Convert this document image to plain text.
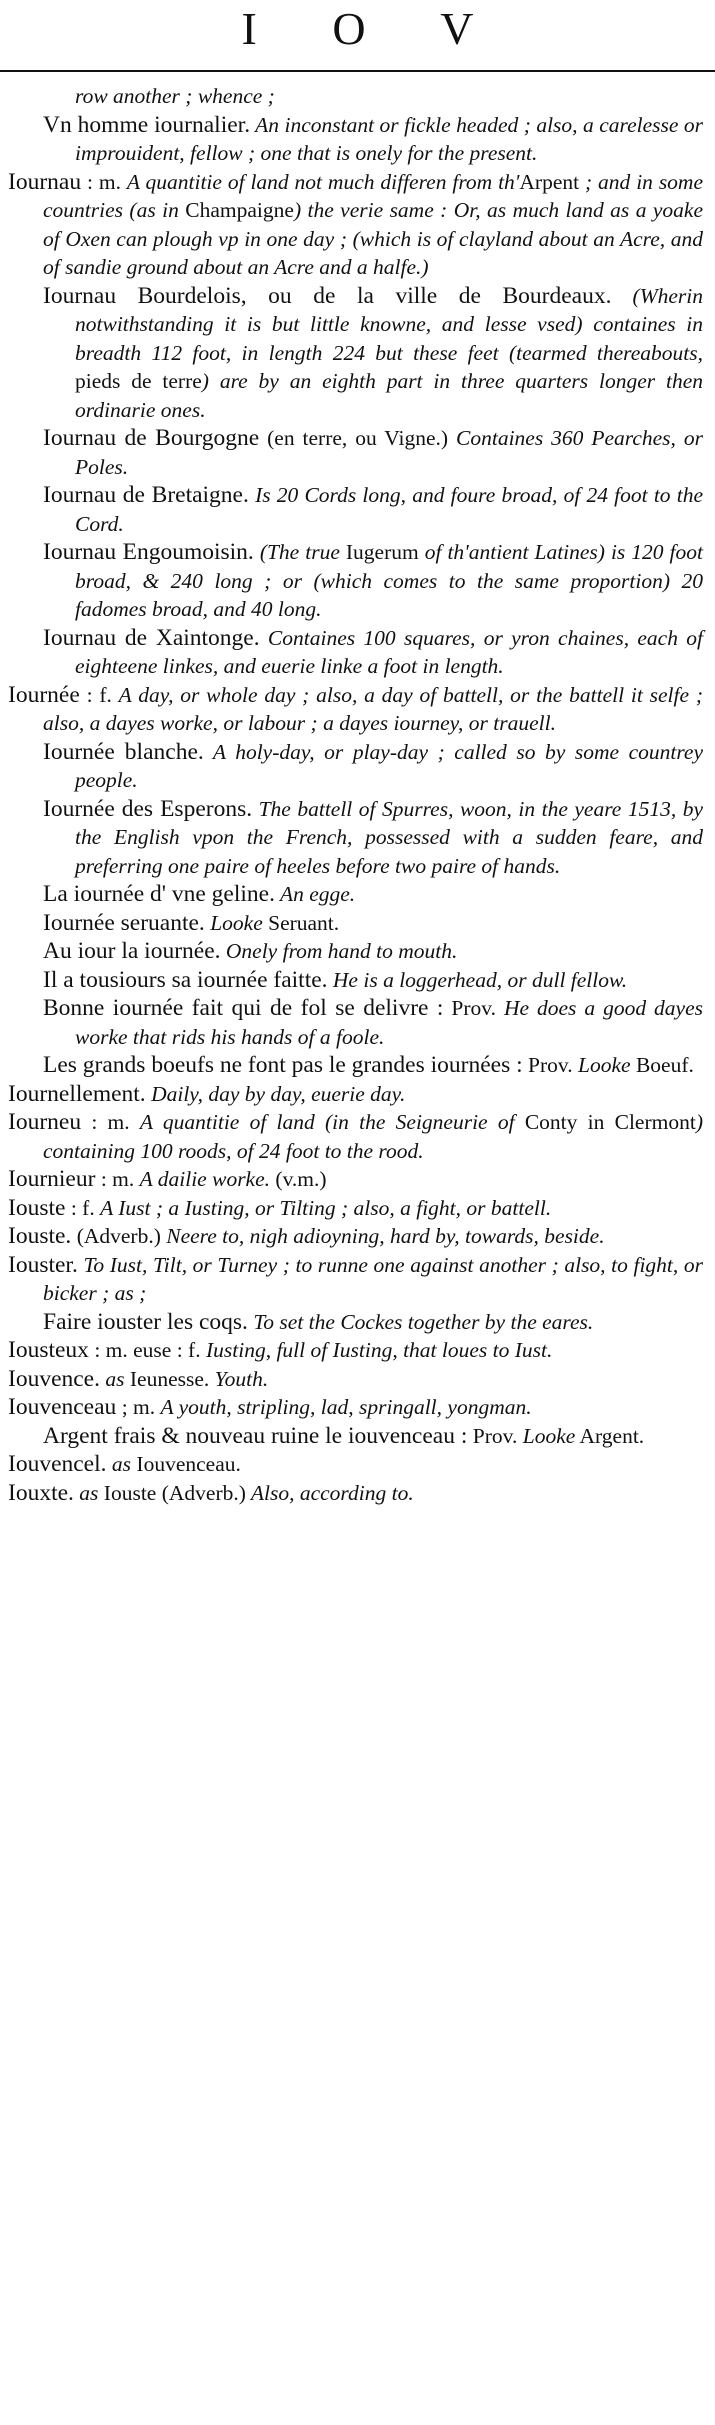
I O V

row another ; whence ;

Vn homme iournalier. An inconstant or fickle headed ; also, a carelesse or improuident, fellow ; one that is onely for the present.

Iournau : m. A quantitie of land not much differen from th'Arpent ; and in some countries (as in Champaigne) the verie same : Or, as much land as a yoake of Oxen can plough vp in one day ; (which is of clayland about an Acre, and of sandie ground about an Acre and a halfe.)

Iournau Bourdelois, ou de la ville de Bourdeaux. (Wherin notwithstanding it is but little knowne, and lesse vsed) containes in breadth 112 foot, in length 224 but these feet (tearmed thereabouts, pieds de terre) are by an eighth part in three quarters longer then ordinarie ones.

Iournau de Bourgogne (en terre, ou Vigne.) Containes 360 Pearches, or Poles.

Iournau de Bretaigne. Is 20 Cords long, and foure broad, of 24 foot to the Cord.

Iournau Engoumoisin. (The true Iugerum of th'antient Latines) is 120 foot broad, & 240 long ; or (which comes to the same proportion) 20 fadomes broad, and 40 long.

Iournau de Xaintonge. Containes 100 squares, or yron chaines, each of eighteene linkes, and euerie linke a foot in length.

Iournée : f. A day, or whole day ; also, a day of battell, or the battell it selfe ; also, a dayes worke, or labour ; a dayes iourney, or trauell.

Iournée blanche. A holy-day, or play-day ; called so by some countrey people.

Iournée des Esperons. The battell of Spurres, woon, in the yeare 1513, by the English vpon the French, possessed with a sudden feare, and preferring one paire of heeles before two paire of hands.

La iournée d' vne geline. An egge.

Iournée seruante. Looke Seruant.

Au iour la iournée. Onely from hand to mouth.

Il a tousiours sa iournée faitte. He is a loggerhead, or dull fellow.

Bonne iournée fait qui de fol se delivre : Prov. He does a good dayes worke that rids his hands of a foole.

Les grands boeufs ne font pas le grandes iournées : Prov. Looke Boeuf.

Iournellement. Daily, day by day, euerie day.

Iourneu : m. A quantitie of land (in the Seigneurie of Conty in Clermont) containing 100 roods, of 24 foot to the rood.

Iournieur : m. A dailie worke. (v.m.)

Iouste : f. A Iust ; a Iusting, or Tilting ; also, a fight, or battell.

Iouste. (Adverb.) Neere to, nigh adioyning, hard by, towards, beside.

Iouster. To Iust, Tilt, or Turney ; to runne one against another ; also, to fight, or bicker ; as ;

Faire iouster les coqs. To set the Cockes together by the eares.

Iousteux : m. euse : f. Iusting, full of Iusting, that loues to Iust.

Iouvence. as Ieunesse. Youth.

Iouvenceau ; m. A youth, stripling, lad, springall, yongman.

Argent frais & nouveau ruine le iouvenceau : Prov. Looke Argent.

Iouvencel. as Iouvenceau.

Iouxte. as Iouste (Adverb.) Also, according to.
